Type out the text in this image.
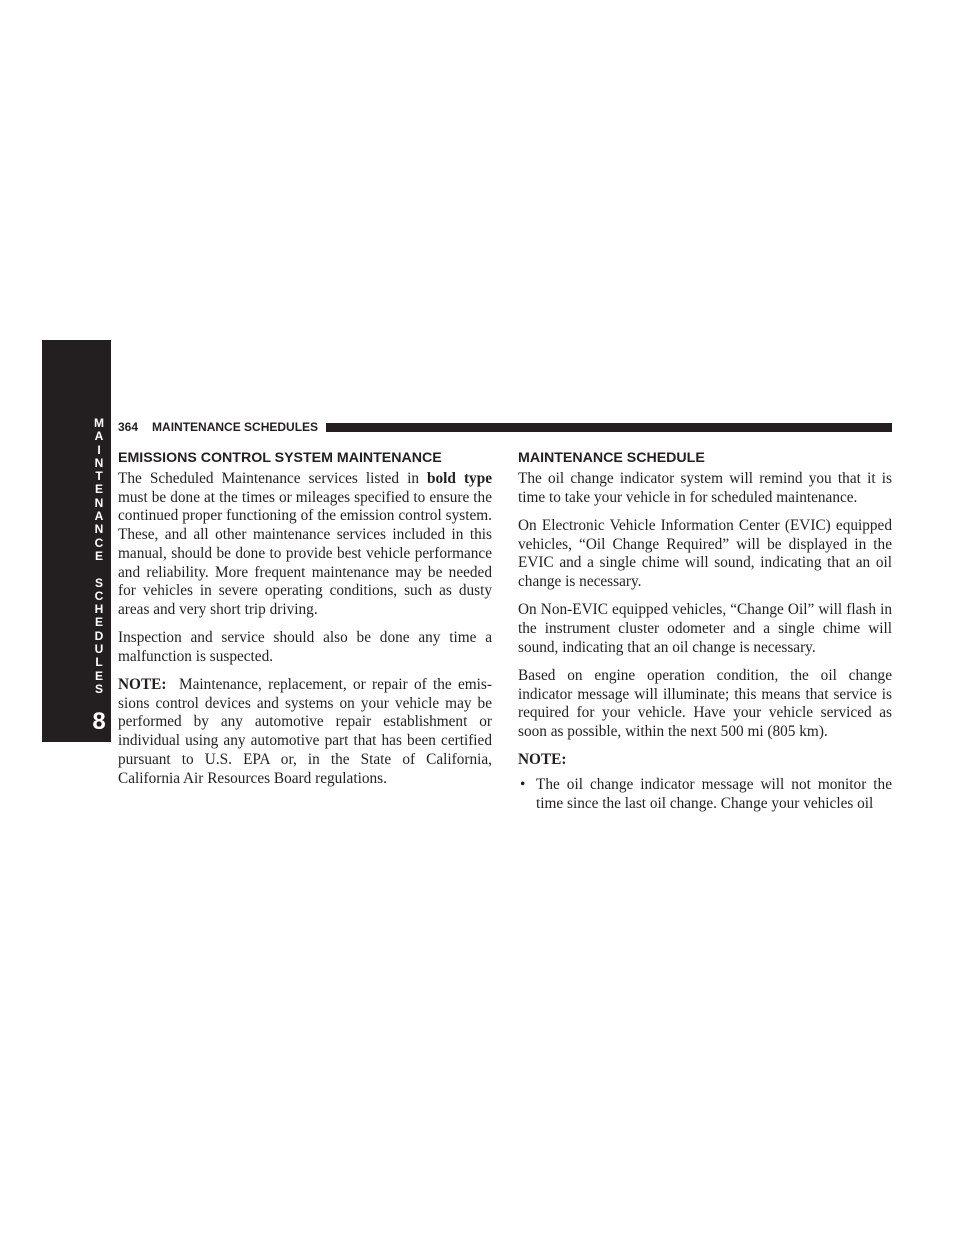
M
A
I
N
T
E
N
A
N
C
E
S
C
H
E
D
U
L
E
S
8
364 MAINTENANCE SCHEDULES
EMISSIONS CONTROL SYSTEM MAINTENANCE

The Scheduled Maintenance services listed in bold type must be done at the times or mileages specified to ensure the continued proper functioning of the emission control system. These, and all other maintenance services included in this manual, should be done to provide best vehicle performance and reliability. More frequent maintenance may be needed for vehicles in severe operating conditions, such as dusty areas and very short trip driving.

Inspection and service should also be done any time a malfunction is suspected.

NOTE:  Maintenance, replacement, or repair of the emissions control devices and systems on your vehicle may be performed by any automotive repair establishment or individual using any automotive part that has been certified pursuant to U.S. EPA or, in the State of California, California Air Resources Board regulations.

MAINTENANCE SCHEDULE

The oil change indicator system will remind you that it is time to take your vehicle in for scheduled maintenance.

On Electronic Vehicle Information Center (EVIC) equipped vehicles, “Oil Change Required” will be displayed in the EVIC and a single chime will sound, indicating that an oil change is necessary.

On Non-EVIC equipped vehicles, “Change Oil” will flash in the instrument cluster odometer and a single chime will sound, indicating that an oil change is necessary.

Based on engine operation condition, the oil change indicator message will illuminate; this means that service is required for your vehicle. Have your vehicle serviced as soon as possible, within the next 500 mi (805 km).

NOTE:

• The oil change indicator message will not monitor the time since the last oil change. Change your vehicles oil
